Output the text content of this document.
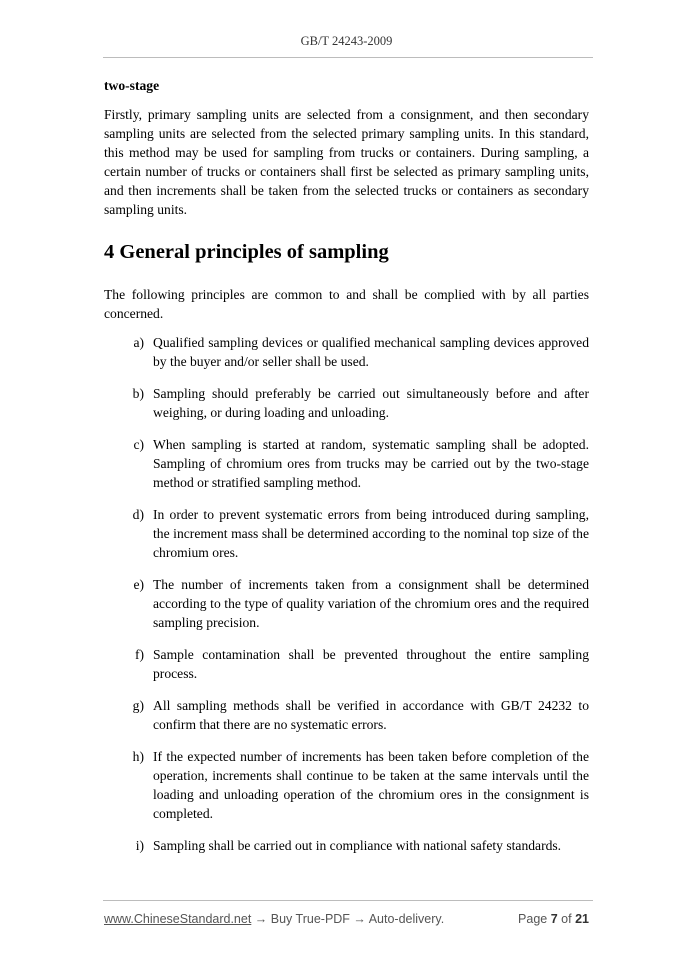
GB/T 24243-2009

two-stage

Firstly, primary sampling units are selected from a consignment, and then secondary sampling units are selected from the selected primary sampling units. In this standard, this method may be used for sampling from trucks or containers. During sampling, a certain number of trucks or containers shall first be selected as primary sampling units, and then increments shall be taken from the selected trucks or containers as secondary sampling units.

4 General principles of sampling

The following principles are common to and shall be complied with by all parties concerned.

a) Qualified sampling devices or qualified mechanical sampling devices approved by the buyer and/or seller shall be used.
b) Sampling should preferably be carried out simultaneously before and after weighing, or during loading and unloading.
c) When sampling is started at random, systematic sampling shall be adopted. Sampling of chromium ores from trucks may be carried out by the two-stage method or stratified sampling method.
d) In order to prevent systematic errors from being introduced during sampling, the increment mass shall be determined according to the nominal top size of the chromium ores.
e) The number of increments taken from a consignment shall be determined according to the type of quality variation of the chromium ores and the required sampling precision.
f) Sample contamination shall be prevented throughout the entire sampling process.
g) All sampling methods shall be verified in accordance with GB/T 24232 to confirm that there are no systematic errors.
h) If the expected number of increments has been taken before completion of the operation, increments shall continue to be taken at the same intervals until the loading and unloading operation of the chromium ores in the consignment is completed.
i) Sampling shall be carried out in compliance with national safety standards.
www.ChineseStandard.net → Buy True-PDF → Auto-delivery.	Page 7 of 21
